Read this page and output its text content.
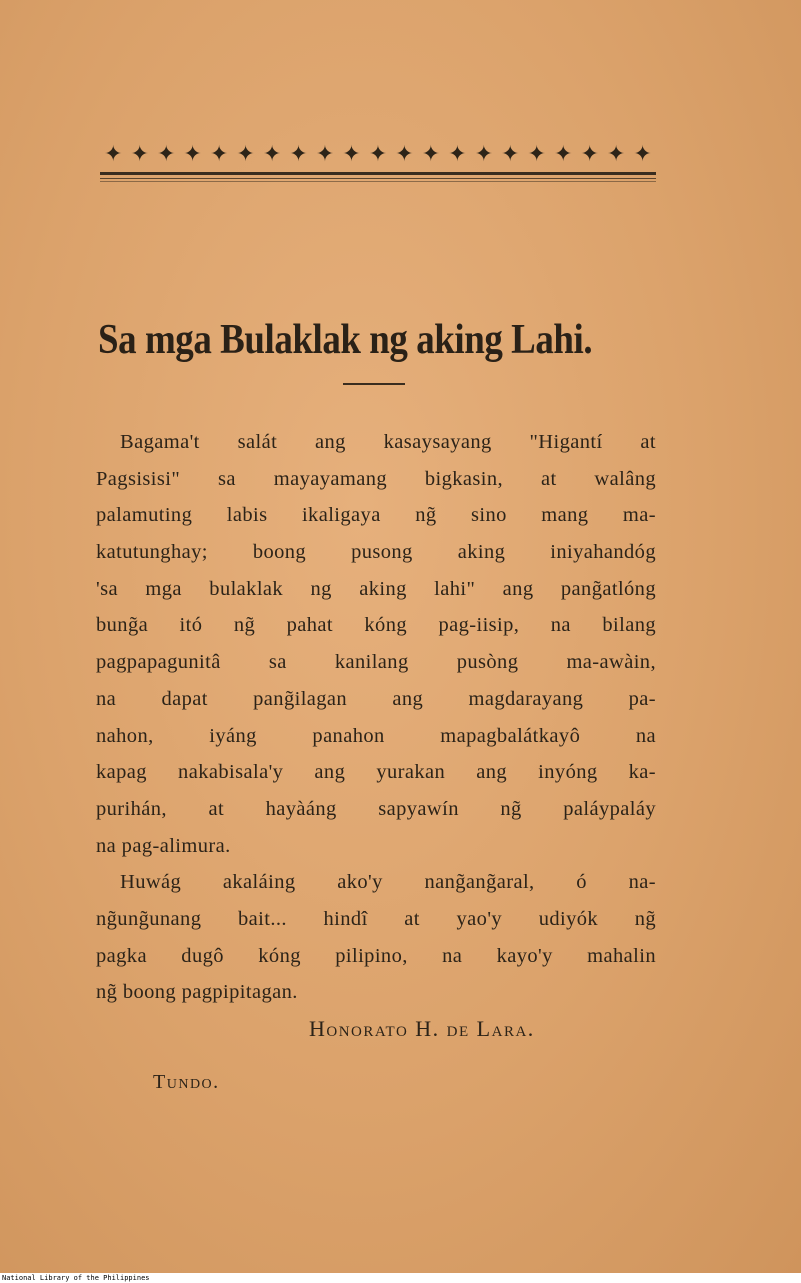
✦ ✦ ✦ ✦ ✦ ✦ ✦ ✦ ✦ ✦ ✦ ✦ ✦ ✦ ✦ ✦ ✦ ✦ ✦ ✦ ✦
Sa mga Bulaklak ng aking Lahi.
Bagama't salát ang kasaysayang "Higantí at
Pagsisisi" sa mayayamang bigkasin, at walâng
palamuting labis ikaligaya ng̃ sino mang ma-
katutunghay; boong pusong aking iniyahandóg
'sa mga bulaklak ng aking lahi" ang pang̃atlóng
bung̃a itó ng̃ pahat kóng pag-iisip, na bilang
pagpapagunitâ sa kanilang pusòng ma-awàin,
na dapat pang̃ilagan ang magdarayang pa-
nahon, iyáng panahon mapagbalátkayô na
kapag nakabisala'y ang yurakan ang inyóng ka-
purihán, at hayàáng sapyawín ng̃ paláypaláy
na pag-alimura.
Huwág akaláing ako'y nang̃ang̃aral, ó na-
ng̃ung̃unang bait... hindî at yao'y udiyók ng̃
pagka dugô kóng pilipino, na kayo'y mahalin
ng̃ boong pagpipitagan.
Honorato H. de Lara.
Tundo.
National Library of the Philippines
